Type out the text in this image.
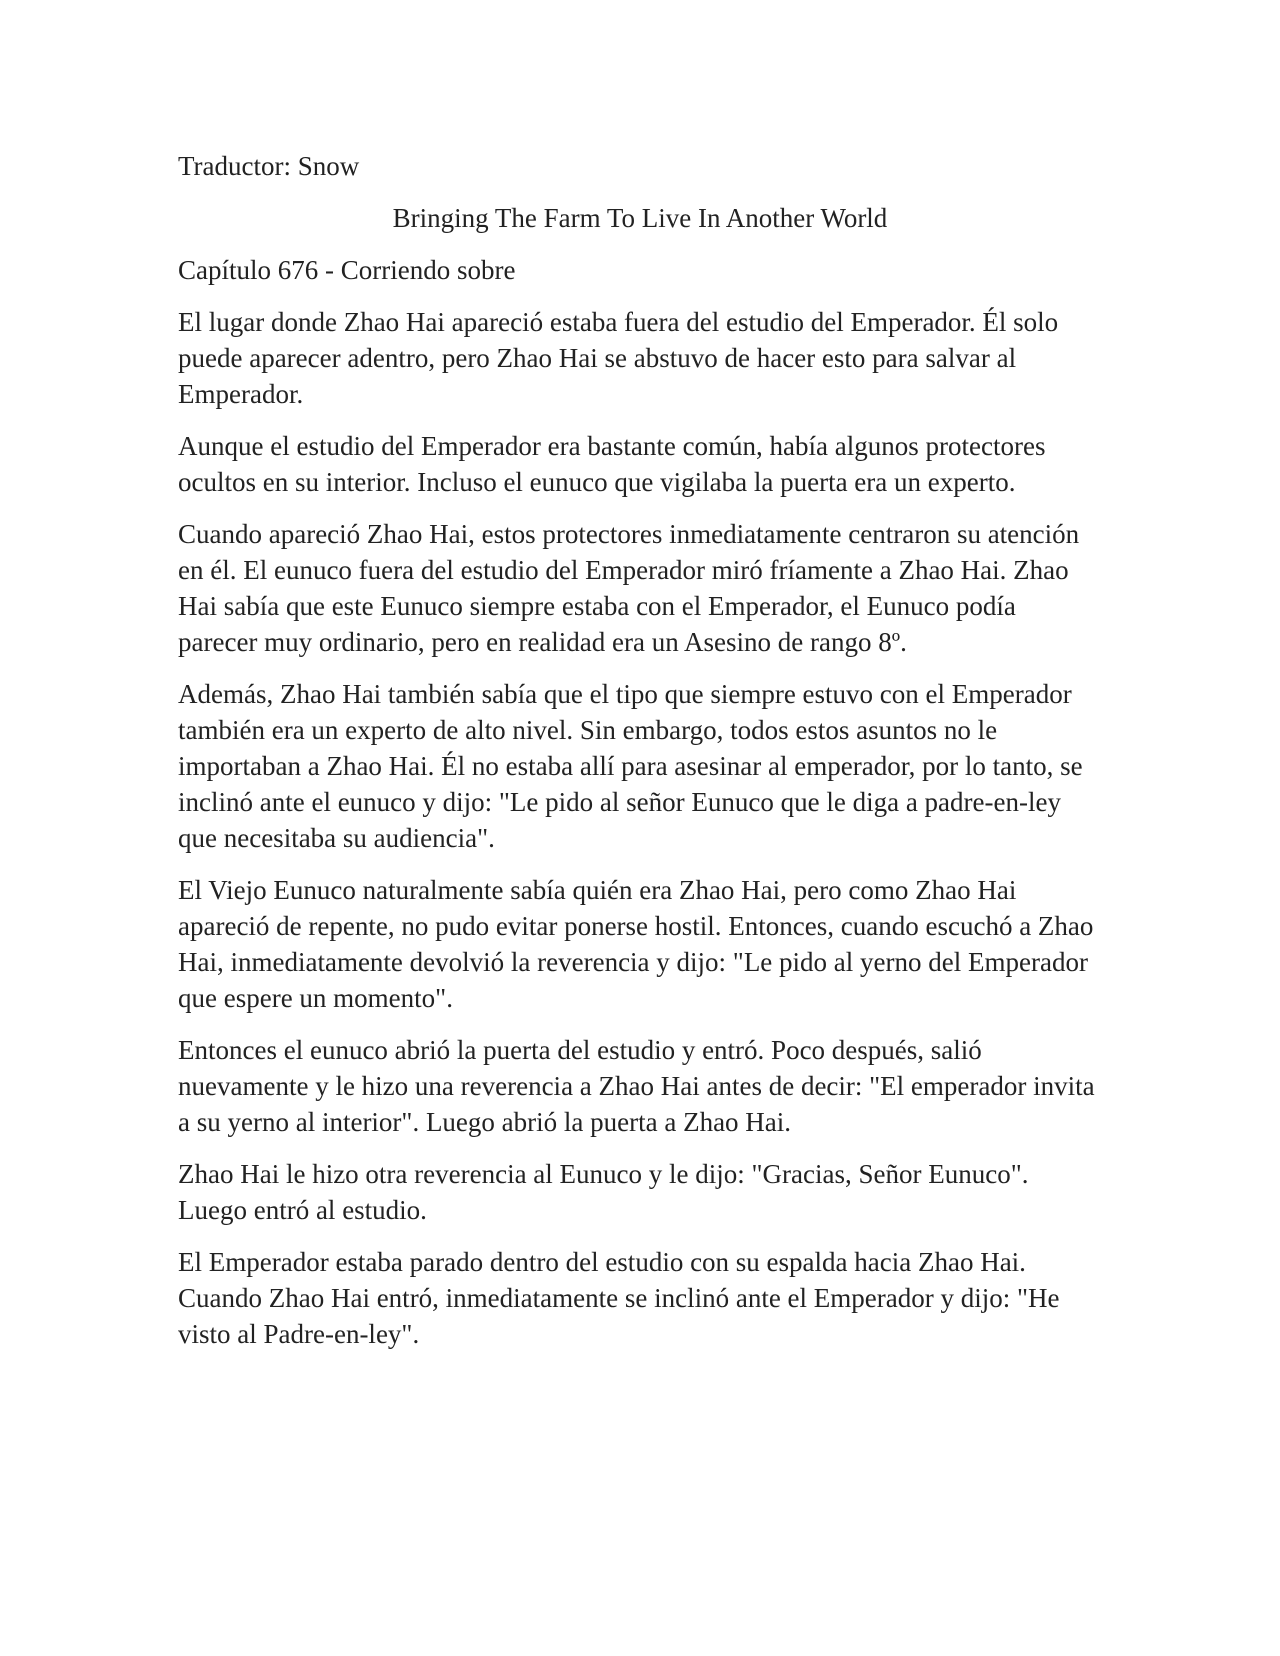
Traductor: Snow
Bringing The Farm To Live In Another World
Capítulo 676 - Corriendo sobre

El lugar donde Zhao Hai apareció estaba fuera del estudio del Emperador. Él solo puede aparecer adentro, pero Zhao Hai se abstuvo de hacer esto para salvar al Emperador.

Aunque el estudio del Emperador era bastante común, había algunos protectores ocultos en su interior. Incluso el eunuco que vigilaba la puerta era un experto.

Cuando apareció Zhao Hai, estos protectores inmediatamente centraron su atención en él. El eunuco fuera del estudio del Emperador miró fríamente a Zhao Hai. Zhao Hai sabía que este Eunuco siempre estaba con el Emperador, el Eunuco podía parecer muy ordinario, pero en realidad era un Asesino de rango 8º.

Además, Zhao Hai también sabía que el tipo que siempre estuvo con el Emperador también era un experto de alto nivel. Sin embargo, todos estos asuntos no le importaban a Zhao Hai. Él no estaba allí para asesinar al emperador, por lo tanto, se inclinó ante el eunuco y dijo: "Le pido al señor Eunuco que le diga a padre-en-ley que necesitaba su audiencia".

El Viejo Eunuco naturalmente sabía quién era Zhao Hai, pero como Zhao Hai apareció de repente, no pudo evitar ponerse hostil. Entonces, cuando escuchó a Zhao Hai, inmediatamente devolvió la reverencia y dijo: "Le pido al yerno del Emperador que espere un momento".

Entonces el eunuco abrió la puerta del estudio y entró. Poco después, salió nuevamente y le hizo una reverencia a Zhao Hai antes de decir: "El emperador invita a su yerno al interior". Luego abrió la puerta a Zhao Hai.

Zhao Hai le hizo otra reverencia al Eunuco y le dijo: "Gracias, Señor Eunuco". Luego entró al estudio.

El Emperador estaba parado dentro del estudio con su espalda hacia Zhao Hai. Cuando Zhao Hai entró, inmediatamente se inclinó ante el Emperador y dijo: "He visto al Padre-en-ley".
